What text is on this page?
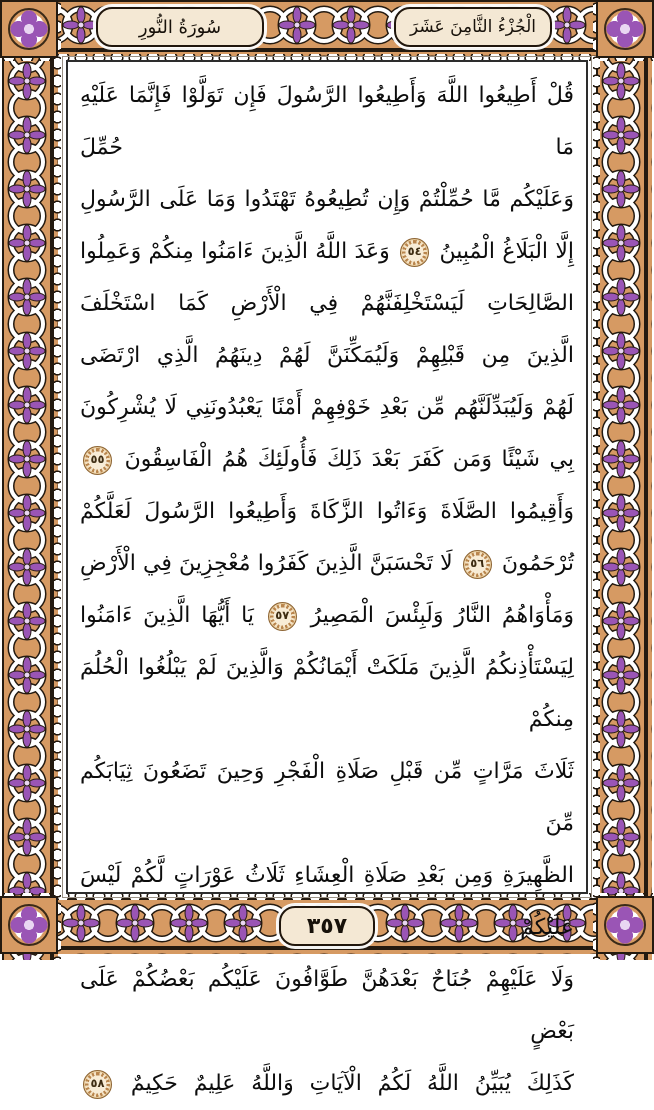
سُورَةُ النُّورِ	الْجُزْءُ الثَّامِنَ عَشَرَ
قُلْ أَطِيعُوا اللَّهَ وَأَطِيعُوا الرَّسُولَ فَإِن تَوَلَّوْا فَإِنَّمَا عَلَيْهِ مَا حُمِّلَ
وَعَلَيْكُم مَّا حُمِّلْتُمْ وَإِن تُطِيعُوهُ تَهْتَدُوا وَمَا عَلَى الرَّسُولِ
إِلَّا الْبَلَاغُ الْمُبِينُ ٥٤ وَعَدَ اللَّهُ الَّذِينَ ءَامَنُوا مِنكُمْ وَعَمِلُوا
الصَّالِحَاتِ لَيَسْتَخْلِفَنَّهُمْ فِي الْأَرْضِ كَمَا اسْتَخْلَفَ
الَّذِينَ مِن قَبْلِهِمْ وَلَيُمَكِّنَنَّ لَهُمْ دِينَهُمُ الَّذِي ارْتَضَى
لَهُمْ وَلَيُبَدِّلَنَّهُم مِّن بَعْدِ خَوْفِهِمْ أَمْنًا يَعْبُدُونَنِي لَا يُشْرِكُونَ
بِي شَيْئًا وَمَن كَفَرَ بَعْدَ ذَلِكَ فَأُولَئِكَ هُمُ الْفَاسِقُونَ ٥٥
وَأَقِيمُوا الصَّلَاةَ وَءَاتُوا الزَّكَاةَ وَأَطِيعُوا الرَّسُولَ لَعَلَّكُمْ
تُرْحَمُونَ ٥٦ لَا تَحْسَبَنَّ الَّذِينَ كَفَرُوا مُعْجِزِينَ فِي الْأَرْضِ
وَمَأْوَاهُمُ النَّارُ وَلَبِئْسَ الْمَصِيرُ ٥٧ يَا أَيُّهَا الَّذِينَ ءَامَنُوا
لِيَسْتَأْذِنكُمُ الَّذِينَ مَلَكَتْ أَيْمَانُكُمْ وَالَّذِينَ لَمْ يَبْلُغُوا الْحُلُمَ مِنكُمْ
ثَلَاثَ مَرَّاتٍ مِّن قَبْلِ صَلَاةِ الْفَجْرِ وَحِينَ تَضَعُونَ ثِيَابَكُم مِّنَ
الظَّهِيرَةِ وَمِن بَعْدِ صَلَاةِ الْعِشَاءِ ثَلَاثُ عَوْرَاتٍ لَّكُمْ لَيْسَ عَلَيْكُمْ
وَلَا عَلَيْهِمْ جُنَاحٌ بَعْدَهُنَّ طَوَّافُونَ عَلَيْكُم بَعْضُكُمْ عَلَى بَعْضٍ
كَذَلِكَ يُبَيِّنُ اللَّهُ لَكُمُ الْآيَاتِ وَاللَّهُ عَلِيمٌ حَكِيمٌ ٥٨
٣٥٧
